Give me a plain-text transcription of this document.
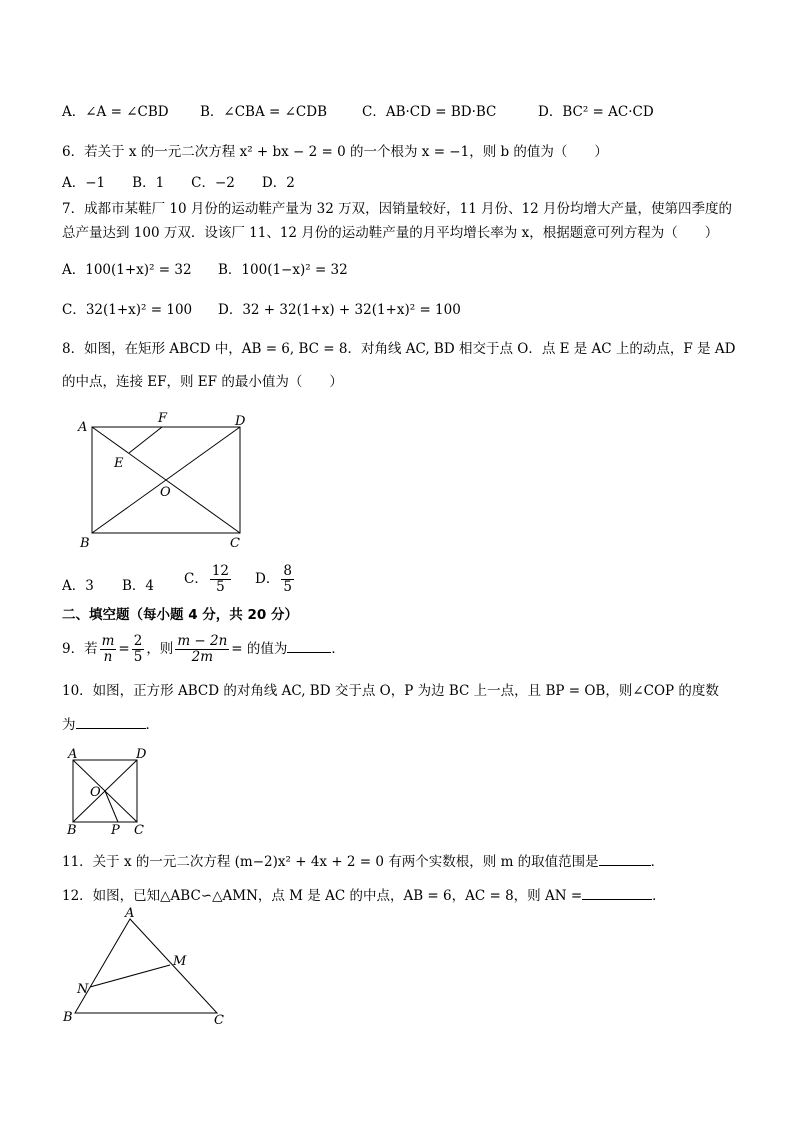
A．∠A = ∠CBD B．∠CBA = ∠CDB	C．AB·CD = BD·BC	D．BC² = AC·CD
6．若关于 x 的一元二次方程 x² + bx − 2 = 0 的一个根为 x = −1，则 b 的值为（　　）
A．−1　　B．1　　C．−2　　D．2
7．成都市某鞋厂 10 月份的运动鞋产量为 32 万双，因销量较好，11 月份、12 月份均增大产量，使第四季度的
总产量达到 100 万双．设该厂 11、12 月份的运动鞋产量的月平均增长率为 x，根据题意可列方程为（　　）
A．100(1+x)² = 32 B．100(1−x)² = 32
C．32(1+x)² = 100 D．32 + 32(1+x) + 32(1+x)² = 100
8．如图，在矩形 ABCD 中，AB = 6, BC = 8．对角线 AC, BD 相交于点 O．点 E 是 AC 上的动点，F 是 AD
的中点，连接 EF，则 EF 的最小值为（　　）
A
F	D
E
O
B	C
A．3 B．4 C． $\frac{12}{5}$ D． $\frac{8}{5}$
二、填空题（每小题 4 分，共 20 分）
9．若 $\frac{m}{n} = \frac{2}{5}$ ，则 $\frac{m - 2n}{2m}$ = 的值为	．
10．如图，正方形 ABCD 的对角线 AC, BD 交于点 O，P 为边 BC 上一点，且 BP = OB，则∠COP 的度数
为	．
A	D
O
B	P C
11．关于 x 的一元二次方程 (m−2)x² + 4x + 2 = 0 有两个实数根，则 m 的取值范围是	．
12．如图，已知△ABC∽△AMN，点 M 是 AC 的中点，AB = 6，AC = 8，则 AN =	．
A
M
N
B	C
